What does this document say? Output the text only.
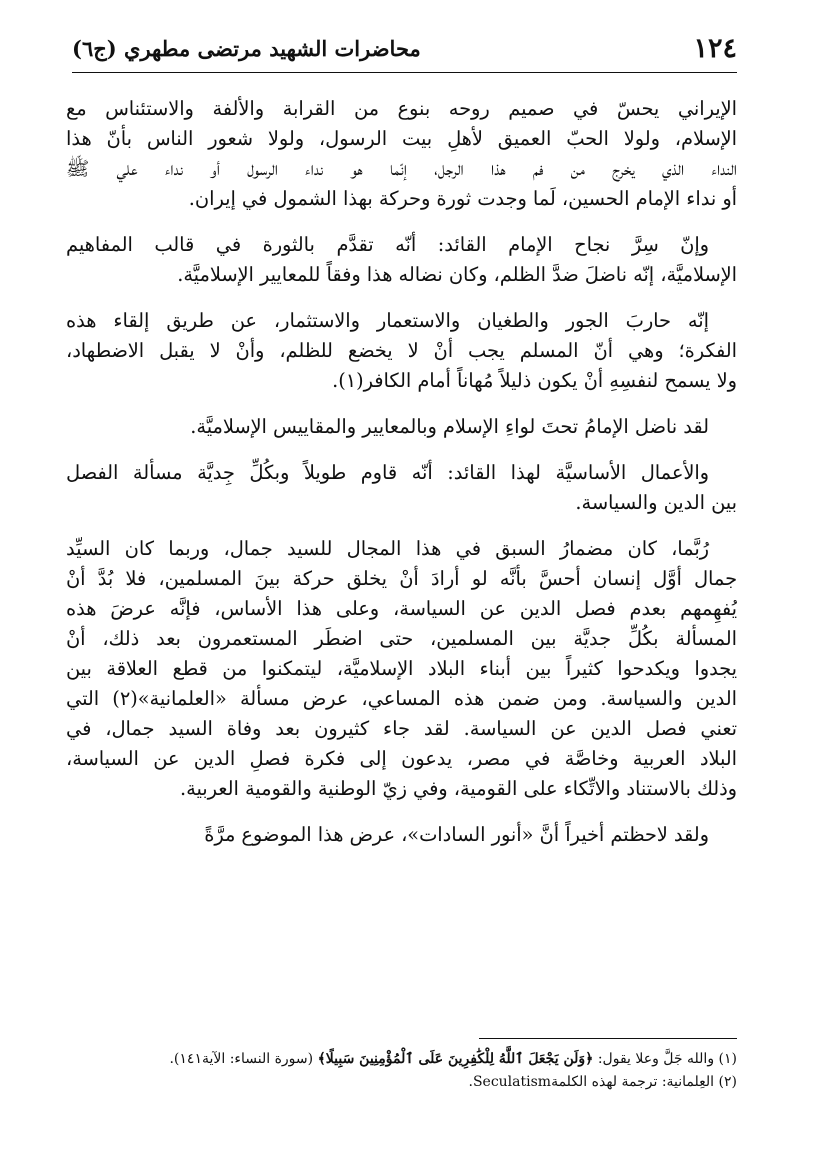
١٢٤
محاضرات الشهيد مرتضى مطهري (ج٦)
الإيراني يحسّ في صميم روحه بنوع من القرابة والألفة والاستئناس مع
الإسلام، ولولا الحبّ العميق لأهلِ بيت الرسول، ولولا شعور الناس بأنّ هذا
النداء الذي يخرج من فم هذا الرجل، إنّما هو نداء الرسول أو نداء علي ﷺ
أو نداء الإمام الحسين، لَما وجدت ثورة وحركة بهذا الشمول في إيران.
وإنّ سِرَّ نجاح الإمام القائد: أنّه تقدَّم بالثورة في قالب المفاهيم
الإسلاميَّة، إنّه ناضلَ ضدَّ الظلم، وكان نضاله هذا وفقاً للمعايير الإسلاميَّة.
إنّه حاربَ الجور والطغيان والاستعمار والاستثمار، عن طريق إلقاء هذه
الفكرة؛ وهي أنّ المسلم يجب أنْ لا يخضع للظلم، وأنْ لا يقبل الاضطهاد،
ولا يسمح لنفسِهِ أنْ يكون ذليلاً مُهاناً أمام الكافر(١).
لقد ناضل الإمامُ تحتَ لواءِ الإسلام وبالمعايير والمقاييس الإسلاميَّة.
والأعمال الأساسيَّة لهذا القائد: أنّه قاوم طويلاً وبكُلِّ جِديَّة مسألة الفصل
بين الدين والسياسة.
رُبَّما، كان مضمارُ السبق في هذا المجال للسيد جمال، وربما كان السيِّد
جمال أوَّل إنسان أحسَّ بأنَّه لو أرادَ أنْ يخلق حركة بينَ المسلمين، فلا بُدَّ أنْ
يُفهِمهم بعدم فصل الدين عن السياسة، وعلى هذا الأساس، فإنَّه عرضَ هذه
المسألة بكُلِّ جديَّة بين المسلمين، حتى اضطَر المستعمرون بعد ذلك، أنْ
يجدوا ويكدحوا كثيراً بين أبناء البلاد الإسلاميَّة، ليتمكنوا من قطع العلاقة بين
الدين والسياسة. ومن ضمن هذه المساعي، عرض مسألة «العلمانية»(٢) التي
تعني فصل الدين عن السياسة. لقد جاء كثيرون بعد وفاة السيد جمال، في
البلاد العربية وخاصَّة في مصر، يدعون إلى فكرة فصلِ الدين عن السياسة،
وذلك بالاستناد والاتِّكاء على القومية، وفي زيّ الوطنية والقومية العربية.
ولقد لاحظتم أخيراً أنَّ «أنور السادات»، عرض هذا الموضوع مرَّةً
(١) والله جَلَّ وعلا يقول: ﴿وَلَن يَجْعَلَ ٱللَّهُ لِلْكَٰفِرِينَ عَلَى ٱلْمُؤْمِنِينَ سَبِيلًا﴾ (سورة النساء: الآية١٤١).
(٢) العِلمانية: ترجمة لهذه الكلمةSeculatism.
